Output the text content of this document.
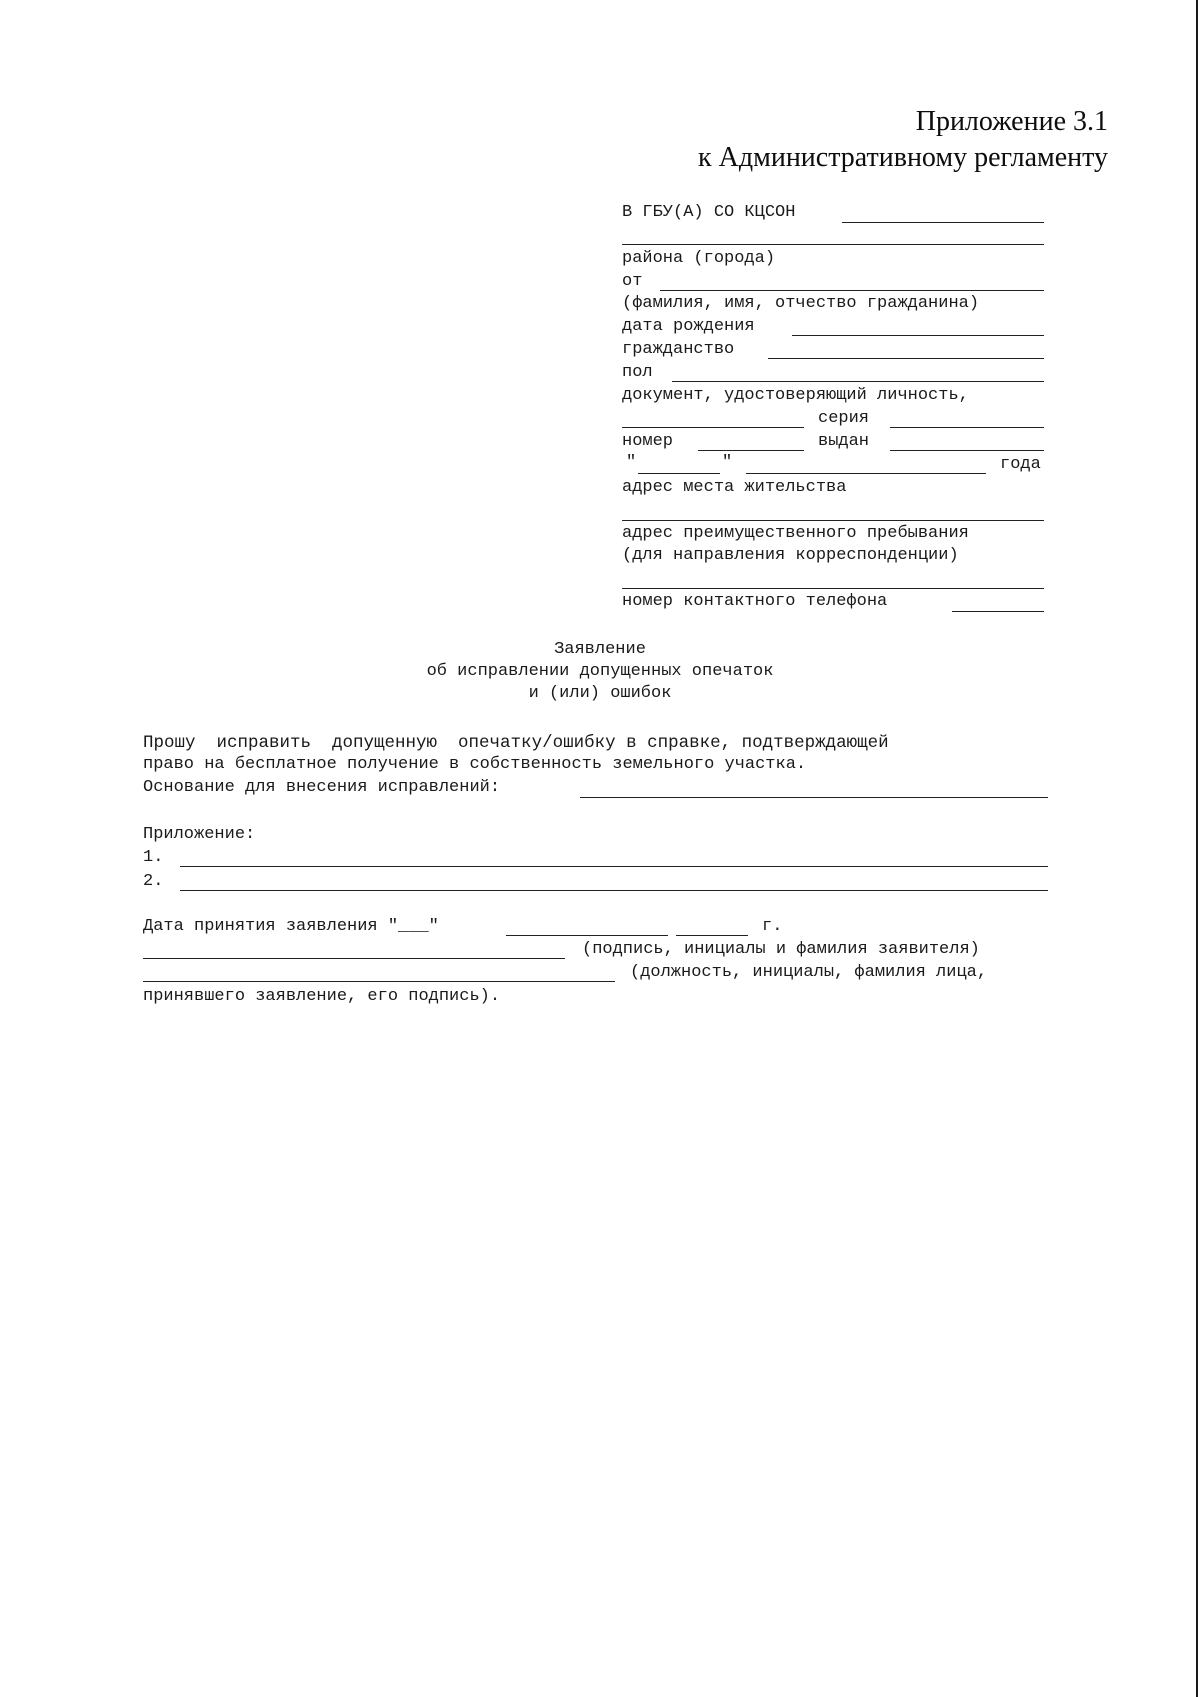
Приложение 3.1
к Административному регламенту
В ГБУ(А) СО КЦСОН
района (города)
от
(фамилия, имя, отчество гражданина)
дата рождения
гражданство
пол
документ, удостоверяющий личность,
серия
номер	выдан
"	"	года
адрес места жительства
адрес преимущественного пребывания
(для направления корреспонденции)
номер контактного телефона
Заявление
об исправлении допущенных опечаток
и (или) ошибок
Прошу  исправить  допущенную  опечатку/ошибку в справке, подтверждающей
право на бесплатное получение в собственность земельного участка.
Основание для внесения исправлений:
Приложение:
1.
2.
Дата принятия заявления "___"	г.
(подпись, инициалы и фамилия заявителя)
(должность, инициалы, фамилия лица,
принявшего заявление, его подпись).
